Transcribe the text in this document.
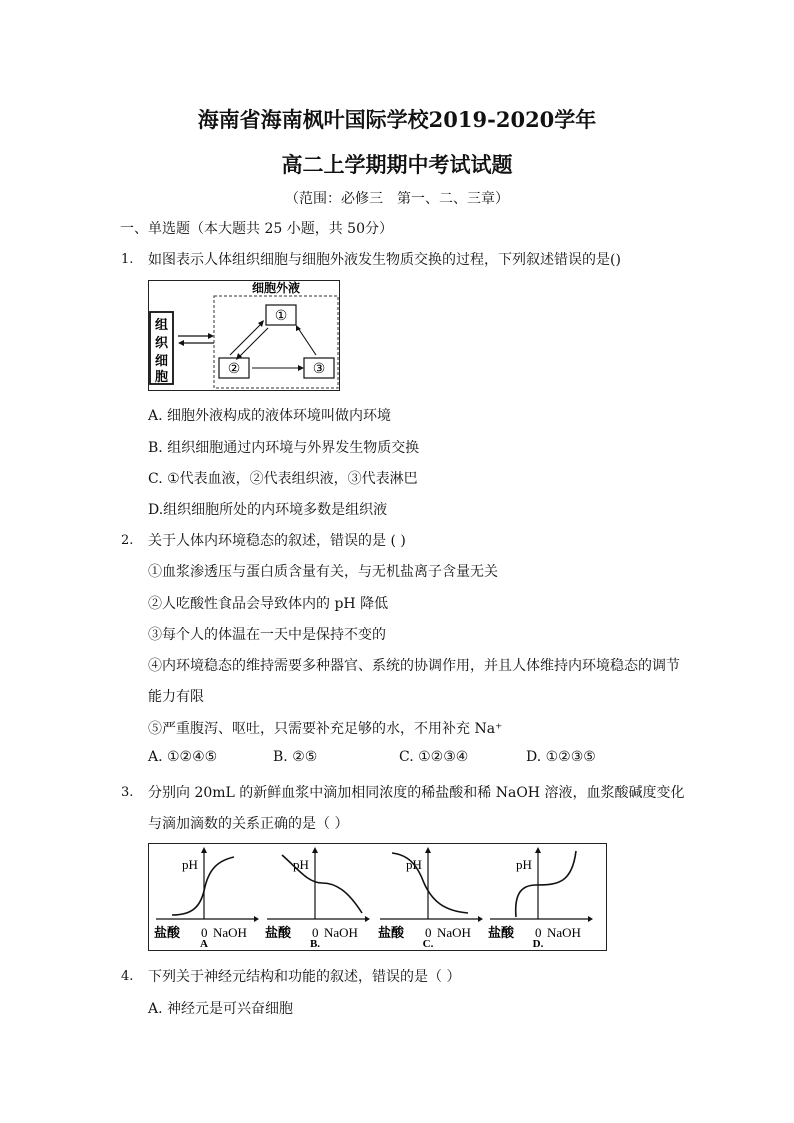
海南省海南枫叶国际学校2019-2020学年
高二上学期期中考试试题
（范围：必修三　第一、二、三章）
一、单选题（本大题共 25 小题，共 50分）
1. 如图表示人体组织细胞与细胞外液发生物质交换的过程，下列叙述错误的是()
组
织
细
胞
细胞外液
①
②	③
A. 细胞外液构成的液体环境叫做内环境
B. 组织细胞通过内环境与外界发生物质交换
C. ①代表血液，②代表组织液，③代表淋巴
D.组织细胞所处的内环境多数是组织液
2. 关于人体内环境稳态的叙述，错误的是 ( )
①血浆渗透压与蛋白质含量有关，与无机盐离子含量无关
②人吃酸性食品会导致体内的 pH 降低
③每个人的体温在一天中是保持不变的
④内环境稳态的维持需要多种器官、系统的协调作用，并且人体维持内环境稳态的调节
能力有限
⑤严重腹泻、呕吐，只需要补充足够的水，不用补充 Na⁺
A. ①②④⑤	B. ②⑤	C. ①②③④	D. ①②③⑤
3. 分别向 20mL 的新鲜血浆中滴加相同浓度的稀盐酸和稀 NaOH 溶液，血浆酸碱度变化
与滴加滴数的关系正确的是（ ）
pH
盐酸 0 NaOH
A
pH
盐酸 0 NaOH
B.
pH
盐酸 0 NaOH
C.
pH
盐酸 0 NaOH
D.
4. 下列关于神经元结构和功能的叙述，错误的是（ ）
A. 神经元是可兴奋细胞
